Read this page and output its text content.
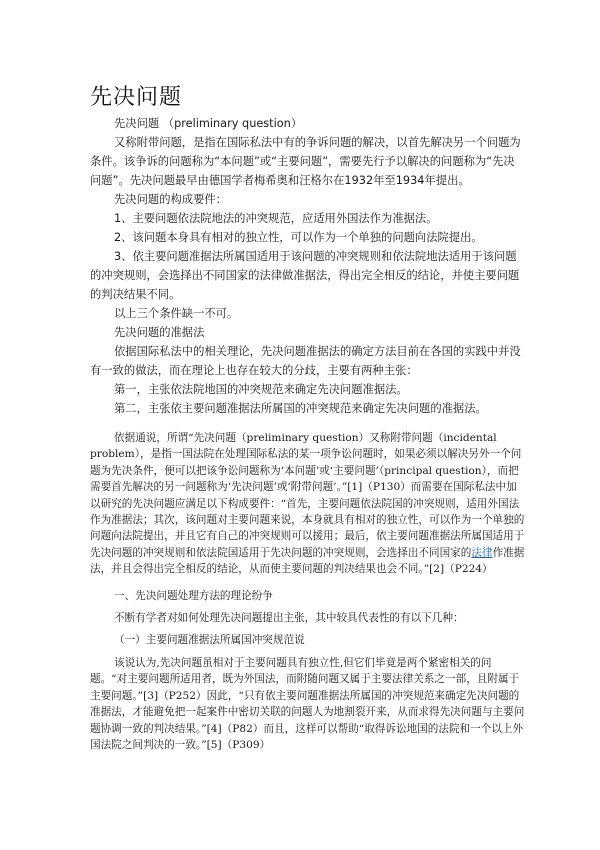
先决问题

先决问题 （preliminary question）

又称附带问题，是指在国际私法中有的争诉问题的解决，以首先解决另一个问题为条件。该争诉的问题称为“本问题”或“主要问题”，需要先行予以解决的问题称为“先决问题”。先决问题最早由德国学者梅希奥和汪格尔在1932年至1934年提出。

先决问题的构成要件：

1、主要问题依法院地法的冲突规范，应适用外国法作为准据法。

2、该问题本身具有相对的独立性，可以作为一个单独的问题向法院提出。

3、依主要问题准据法所属国适用于该问题的冲突规则和依法院地法适用于该问题的冲突规则，会选择出不同国家的法律做准据法，得出完全相反的结论，并使主要问题的判决结果不同。

以上三个条件缺一不可。

先决问题的准据法

依据国际私法中的相关理论，先决问题准据法的确定方法目前在各国的实践中并没有一致的做法，而在理论上也存在较大的分歧，主要有两种主张：

第一，主张依法院地国的冲突规范来确定先决问题准据法。

第二，主张依主要问题准据法所属国的冲突规范来确定先决问题的准据法。

依据通说，所谓“先决问题（preliminary question）又称附带问题（incidental problem），是指一国法院在处理国际私法的某一项争讼问题时，如果必须以解决另外一个问题为先决条件，便可以把该争讼问题称为‘本问题’或‘主要问题’（principal question），而把需要首先解决的另一问题称为‘先决问题’或‘附带问题’。”[1]（P130）而需要在国际私法中加以研究的先决问题应满足以下构成要件：“首先，主要问题依法院国的冲突规则，适用外国法作为准据法；其次，该问题对主要问题来说，本身就具有相对的独立性，可以作为一个单独的问题向法院提出，并且它有自己的冲突规则可以援用；最后，依主要问题准据法所属国适用于先决问题的冲突规则和依法院国适用于先决问题的冲突规则，会选择出不同国家的法律作准据法，并且会得出完全相反的结论，从而使主要问题的判决结果也会不同。”[2]（P224）

一、先决问题处理方法的理论纷争

不断有学者对如何处理先决问题提出主张，其中较具代表性的有以下几种：

（一）主要问题准据法所属国冲突规范说

该说认为,先决问题虽相对于主要问题具有独立性,但它们毕竟是两个紧密相关的问题。“对主要问题所适用者，既为外国法，而附随问题又属于主要法律关系之一部，且附属于主要问题。”[3]（P252）因此，“只有依主要问题准据法所属国的冲突规范来确定先决问题的准据法，才能避免把一起案件中密切关联的问题人为地割裂开来，从而求得先决问题与主要问题协调一致的判决结果。”[4]（P82）而且，这样可以帮助“取得诉讼地国的法院和一个以上外国法院之间判决的一致。”[5]（P309）
